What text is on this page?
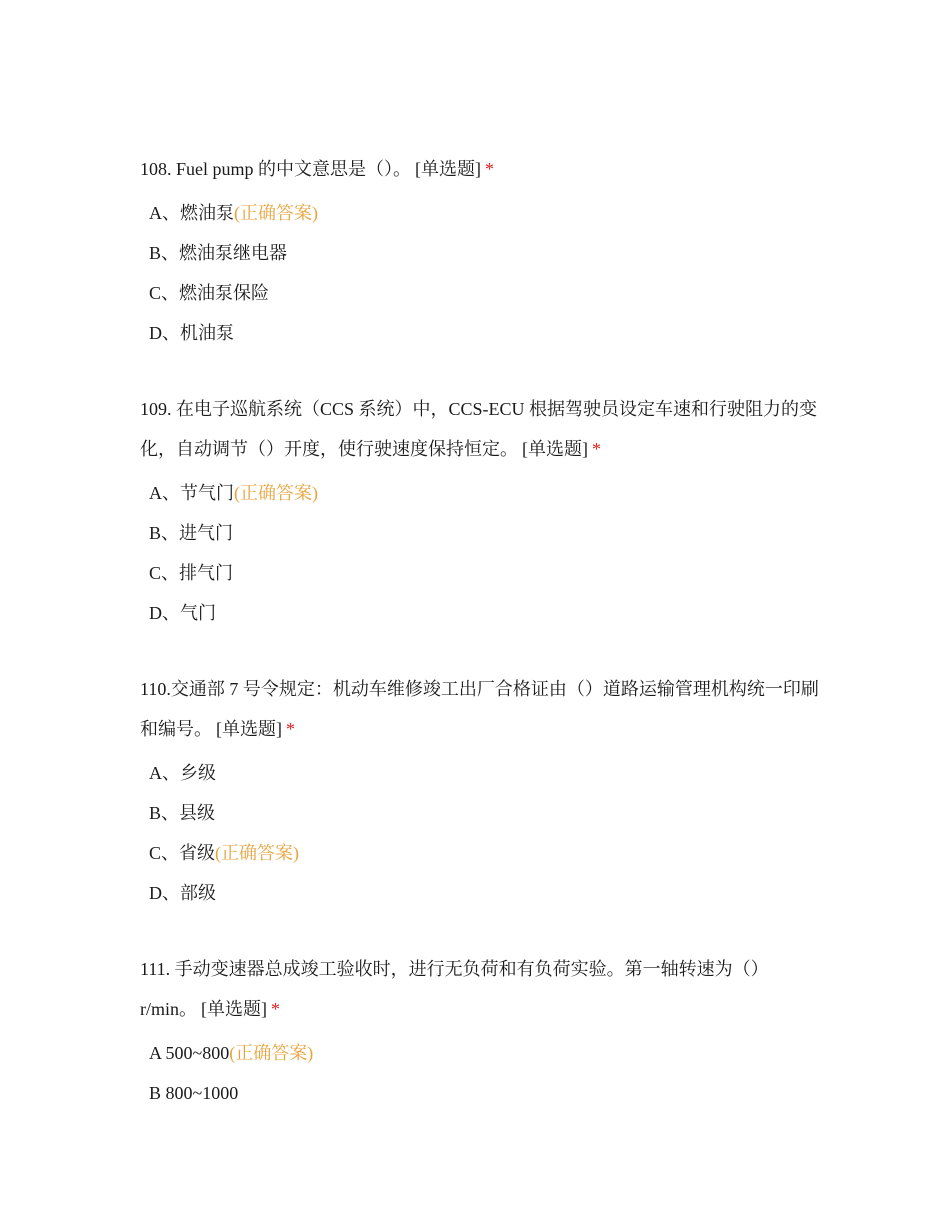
108. Fuel pump 的中文意思是（）。 [单选题] *

A、燃油泵(正确答案)
B、燃油泵继电器
C、燃油泵保险
D、机油泵

109. 在电子巡航系统（CCS 系统）中，CCS-ECU 根据驾驶员设定车速和行驶阻力的变化，自动调节（）开度，使行驶速度保持恒定。 [单选题] *

A、节气门(正确答案)
B、进气门
C、排气门
D、气门

110.交通部 7 号令规定：机动车维修竣工出厂合格证由（）道路运输管理机构统一印刷和编号。 [单选题] *

A、乡级
B、县级
C、省级(正确答案)
D、部级

111. 手动变速器总成竣工验收时，进行无负荷和有负荷实验。第一轴转速为（）r/min。 [单选题] *

A 500~800(正确答案)
B 800~1000
